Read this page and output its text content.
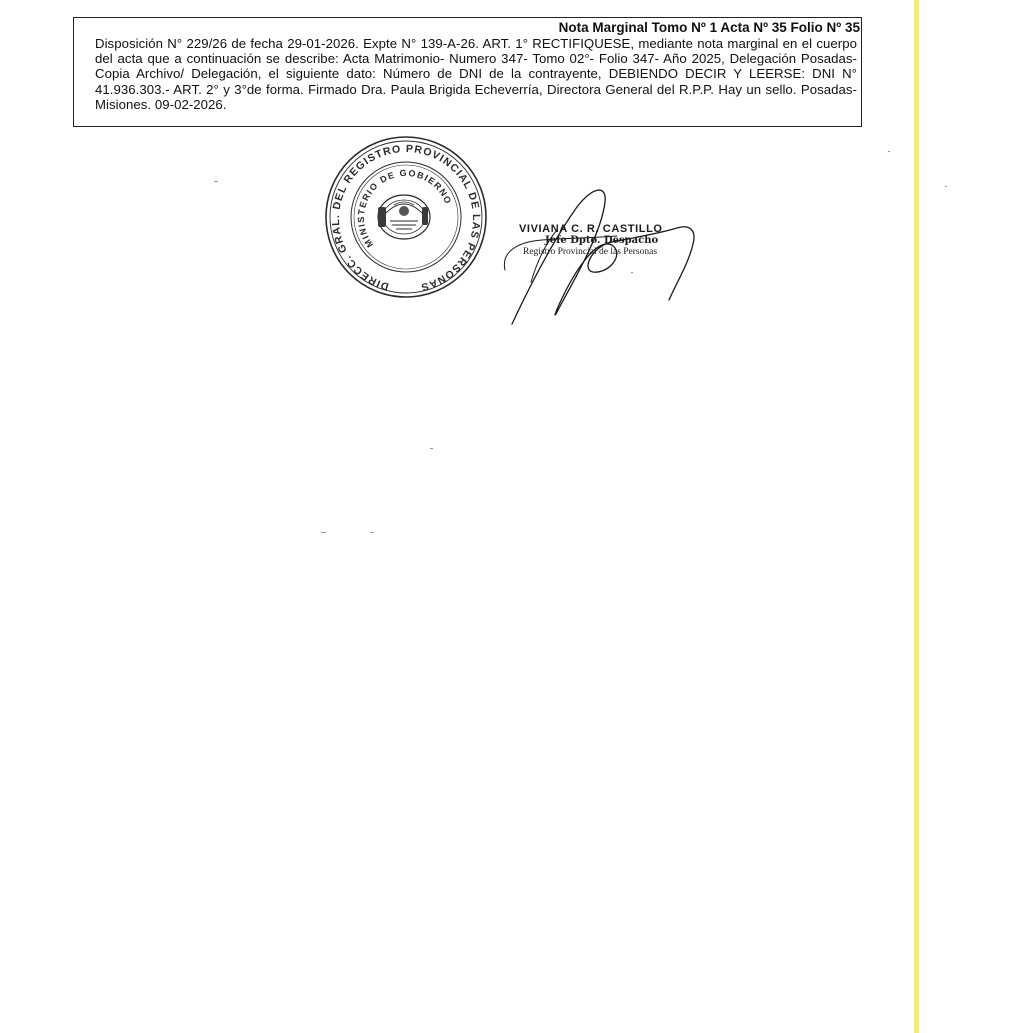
Nota Marginal Tomo Nº 1 Acta Nº 35 Folio Nº 35
Disposición N° 229/26 de fecha 29-01-2026. Expte N° 139-A-26. ART. 1° RECTIFIQUESE, mediante nota marginal en el cuerpo del acta que a continuación se describe: Acta Matrimonio- Numero 347- Tomo 02°- Folio 347- Año 2025, Delegación Posadas- Copia Archivo/ Delegación, el siguiente dato: Número de DNI de la contrayente, DEBIENDO DECIR Y LEERSE: DNI N° 41.936.303.- ART. 2° y 3°de forma. Firmado Dra. Paula Brigida Echeverría, Directora General del R.P.P. Hay un sello. Posadas- Misiones. 09-02-2026.
DIRECC. GRAL. DEL REGISTRO PROVINCIAL DE LAS PERSONAS
MINISTERIO DE GOBIERNO
VIVIANA C. R. CASTILLO
Jefe Dpto. Despacho
Registro Provincial de las Personas
